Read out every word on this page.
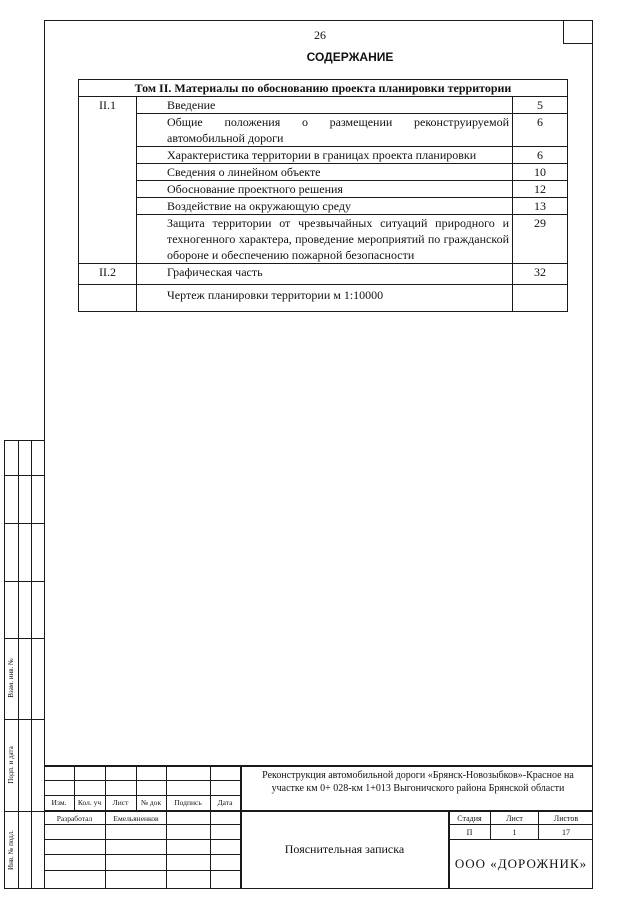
26
СОДЕРЖАНИЕ
Том II. Материалы по обоснованию проекта планировки территории		
II.1	Введение	5
	Общие положения о размещении реконструируемой автомобильной дороги	6
	Характеристика территории в границах проекта планировки	6
	Сведения о линейном объекте	10
	Обоснование проектного решения	12
	Воздействие на окружающую среду	13
	Защита территории от чрезвычайных ситуаций природного и техногенного характера, проведение мероприятий по гражданской обороне и обеспечению пожарной безопасности	29
II.2	Графическая часть	32
	Чертеж планировки территории м 1:10000	
Взам. инв. №
Подп. и дата
Инв. № подл.
Изм.	Кол. уч	Лист	№ док	Подпись	Дата
Разработал	Емельяненков
Реконструкция автомобильной дороги «Брянск-Новозыбков»-Красное на участке км 0+ 028-км 1+013 Выгоничского района Брянской области
Пояснительная записка
Стадия	Лист	Листов
П	1	17
ООО «ДОРОЖНИК»
